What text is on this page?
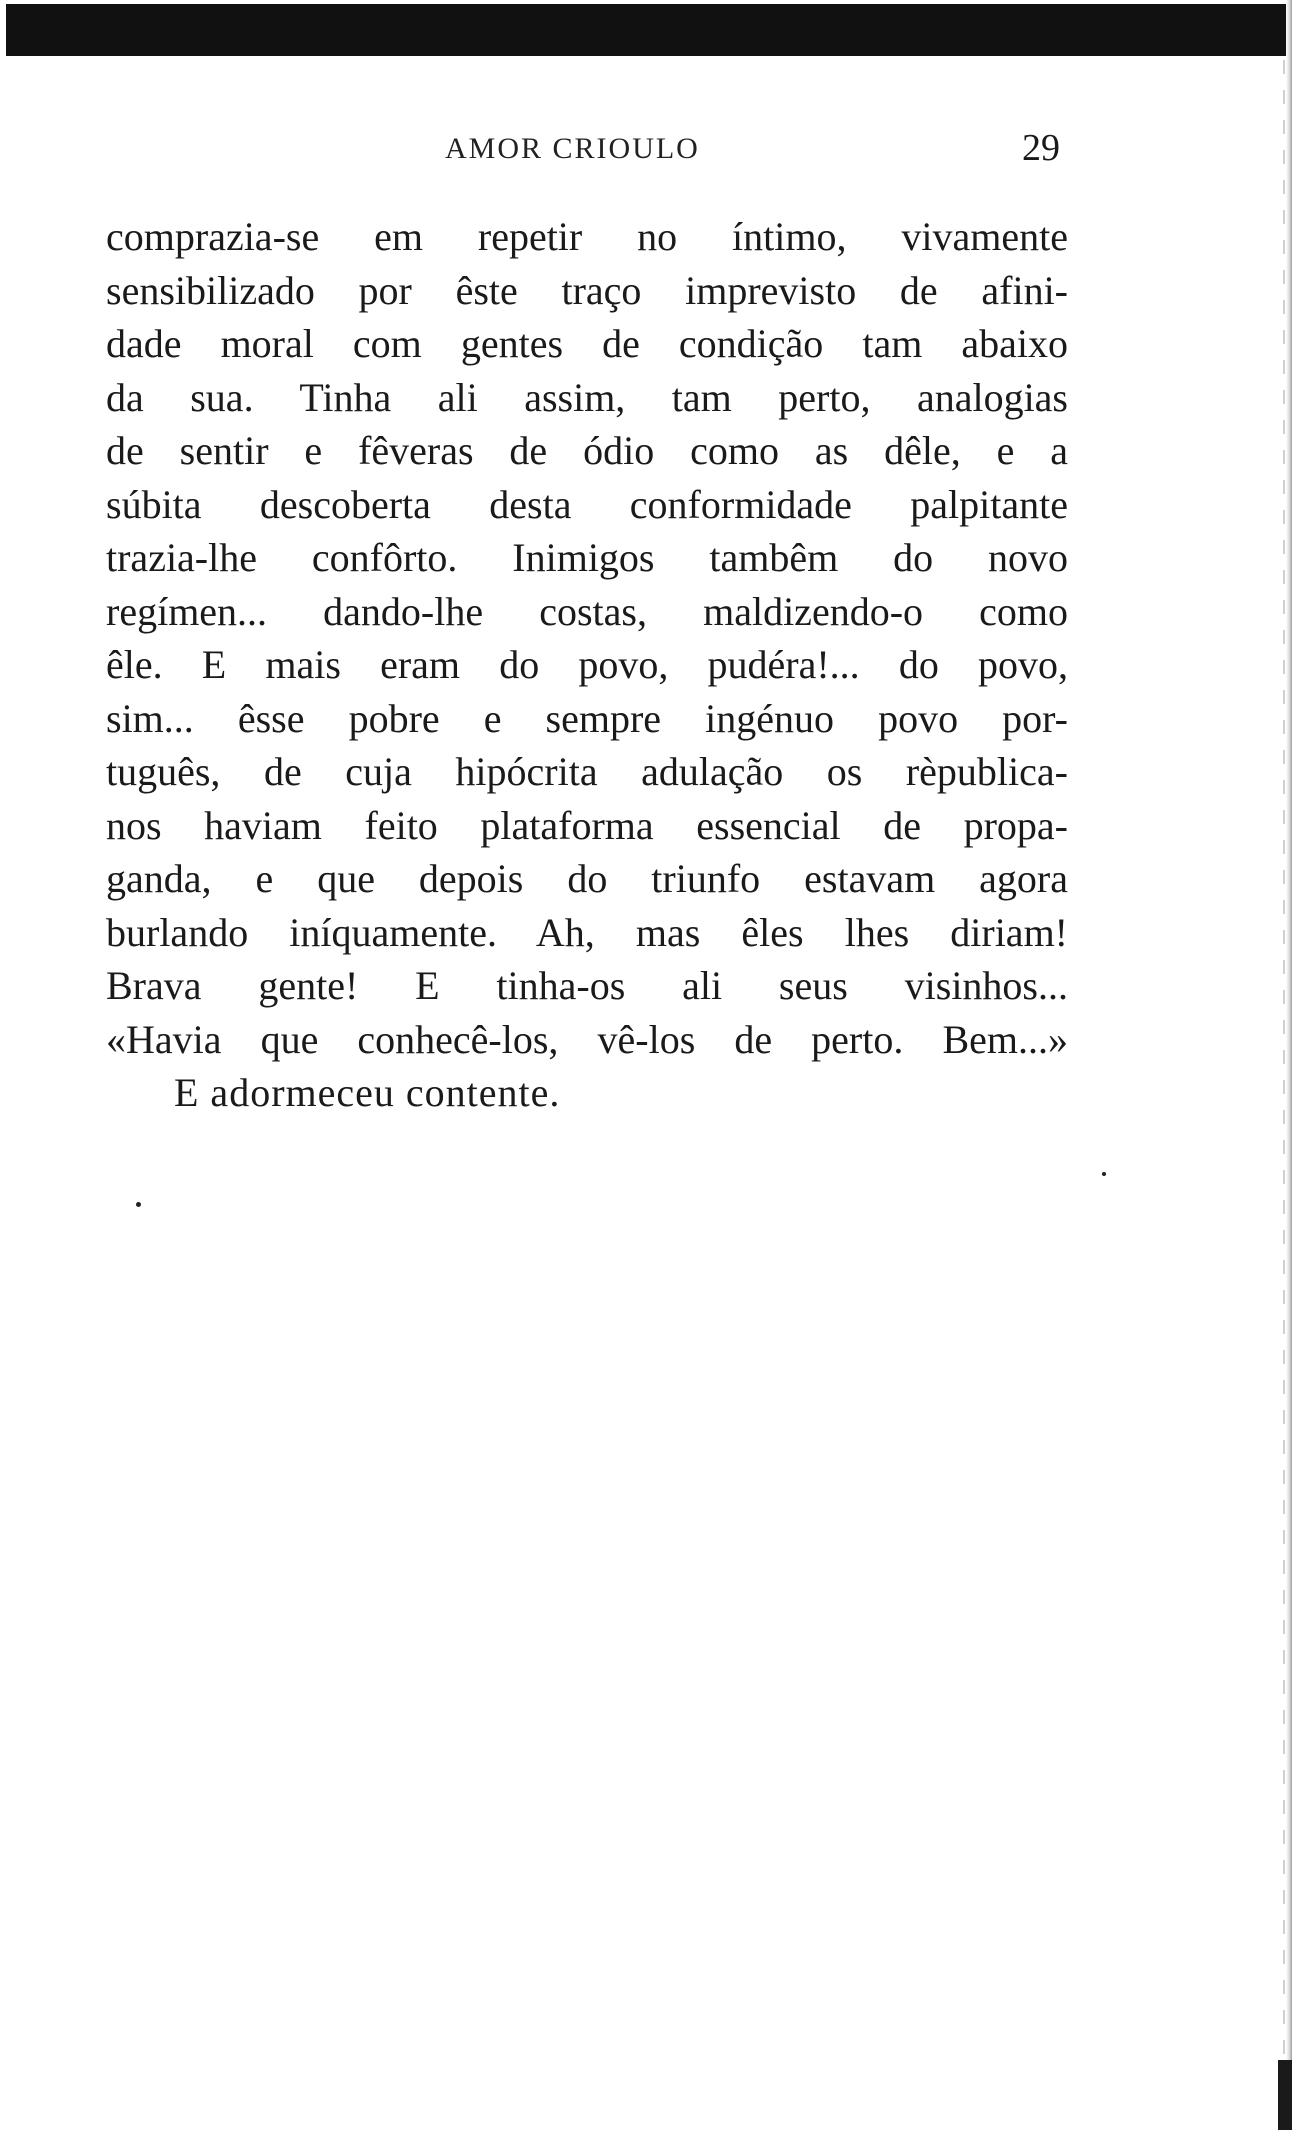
AMOR CRIOULO	29
comprazia-se em repetir no íntimo, vivamente
sensibilizado por êste traço imprevisto de afini-
dade moral com gentes de condição tam abaixo
da sua. Tinha ali assim, tam perto, analogias
de sentir e fêveras de ódio como as dêle, e a
súbita descoberta desta conformidade palpitante
trazia-lhe confôrto. Inimigos tambêm do novo
regímen... dando-lhe costas, maldizendo-o como
êle. E mais eram do povo, pudéra!... do povo,
sim... êsse pobre e sempre ingénuo povo por-
tuguês, de cuja hipócrita adulação os rèpublica-
nos haviam feito plataforma essencial de propa-
ganda, e que depois do triunfo estavam agora
burlando iníquamente. Ah, mas êles lhes diriam!
Brava gente! E tinha-os ali seus visinhos...
«Havia que conhecê-los, vê-los de perto. Bem...»
E adormeceu contente.
